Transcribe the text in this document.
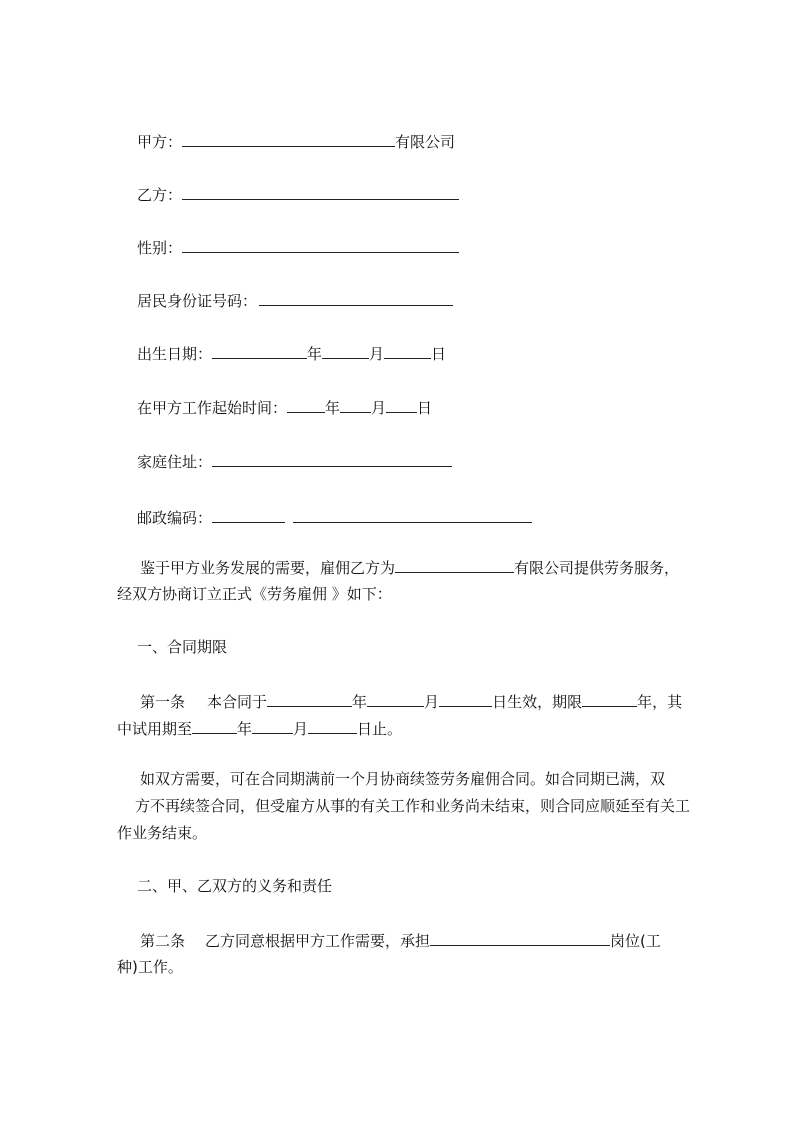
甲方：	有限公司
乙方：
性别：
居民身份证号码：
出生日期：	年	月	日
在甲方工作起始时间：	年 月 日
家庭住址：
邮政编码：
鉴于甲方业务发展的需要，雇佣乙方为	有限公司提供劳务服务，
经双方协商订立正式《劳务雇佣 》如下：
一、合同期限
第一条 本合同于	年	月	日生效，期限	年，其
中试用期至	年	月	日止。
如双方需要，可在合同期满前一个月协商续签劳务雇佣合同。如合同期已满，双
方不再续签合同，但受雇方从事的有关工作和业务尚未结束，则合同应顺延至有关工
作业务结束。
二、甲、乙双方的义务和责任
第二条 乙方同意根据甲方工作需要，承担	岗位(工
种)工作。
